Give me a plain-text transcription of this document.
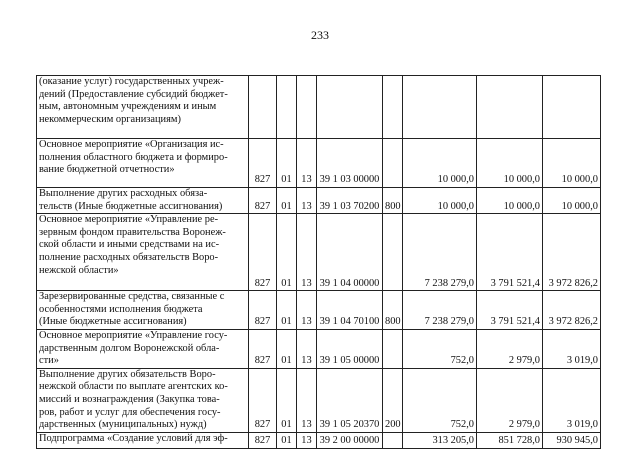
233
(оказание услуг) государственных учреж-
дений (Предоставление субсидий бюджет-
ным, автономным учреждениям и иным
некоммерческим организациям)								

Основное мероприятие «Организация ис-
полнения областного бюджета и формиро-
вание бюджетной отчетности»	827	01	13	39 1 03 00000		10 000,0	10 000,0	10 000,0

Выполнение других расходных обяза-
тельств (Иные бюджетные ассигнования)	827	01	13	39 1 03 70200	800	10 000,0	10 000,0	10 000,0

Основное мероприятие «Управление ре-
зервным фондом правительства Воронеж-
ской области и иными средствами на ис-
полнение расходных обязательств Воро-
нежской области»	827	01	13	39 1 04 00000		7 238 279,0	3 791 521,4	3 972 826,2

Зарезервированные средства, связанные с
особенностями исполнения бюджета
(Иные бюджетные ассигнования)	827	01	13	39 1 04 70100	800	7 238 279,0	3 791 521,4	3 972 826,2

Основное мероприятие «Управление госу-
дарственным долгом Воронежской обла-
сти»	827	01	13	39 1 05 00000		752,0	2 979,0	3 019,0

Выполнение других обязательств Воро-
нежской области по выплате агентских ко-
миссий и вознаграждения (Закупка това-
ров, работ и услуг для обеспечения госу-
дарственных (муниципальных) нужд)	827	01	13	39 1 05 20370	200	752,0	2 979,0	3 019,0

Подпрограмма «Создание условий для эф-	827	01	13	39 2 00 00000		313 205,0	851 728,0	930 945,0
